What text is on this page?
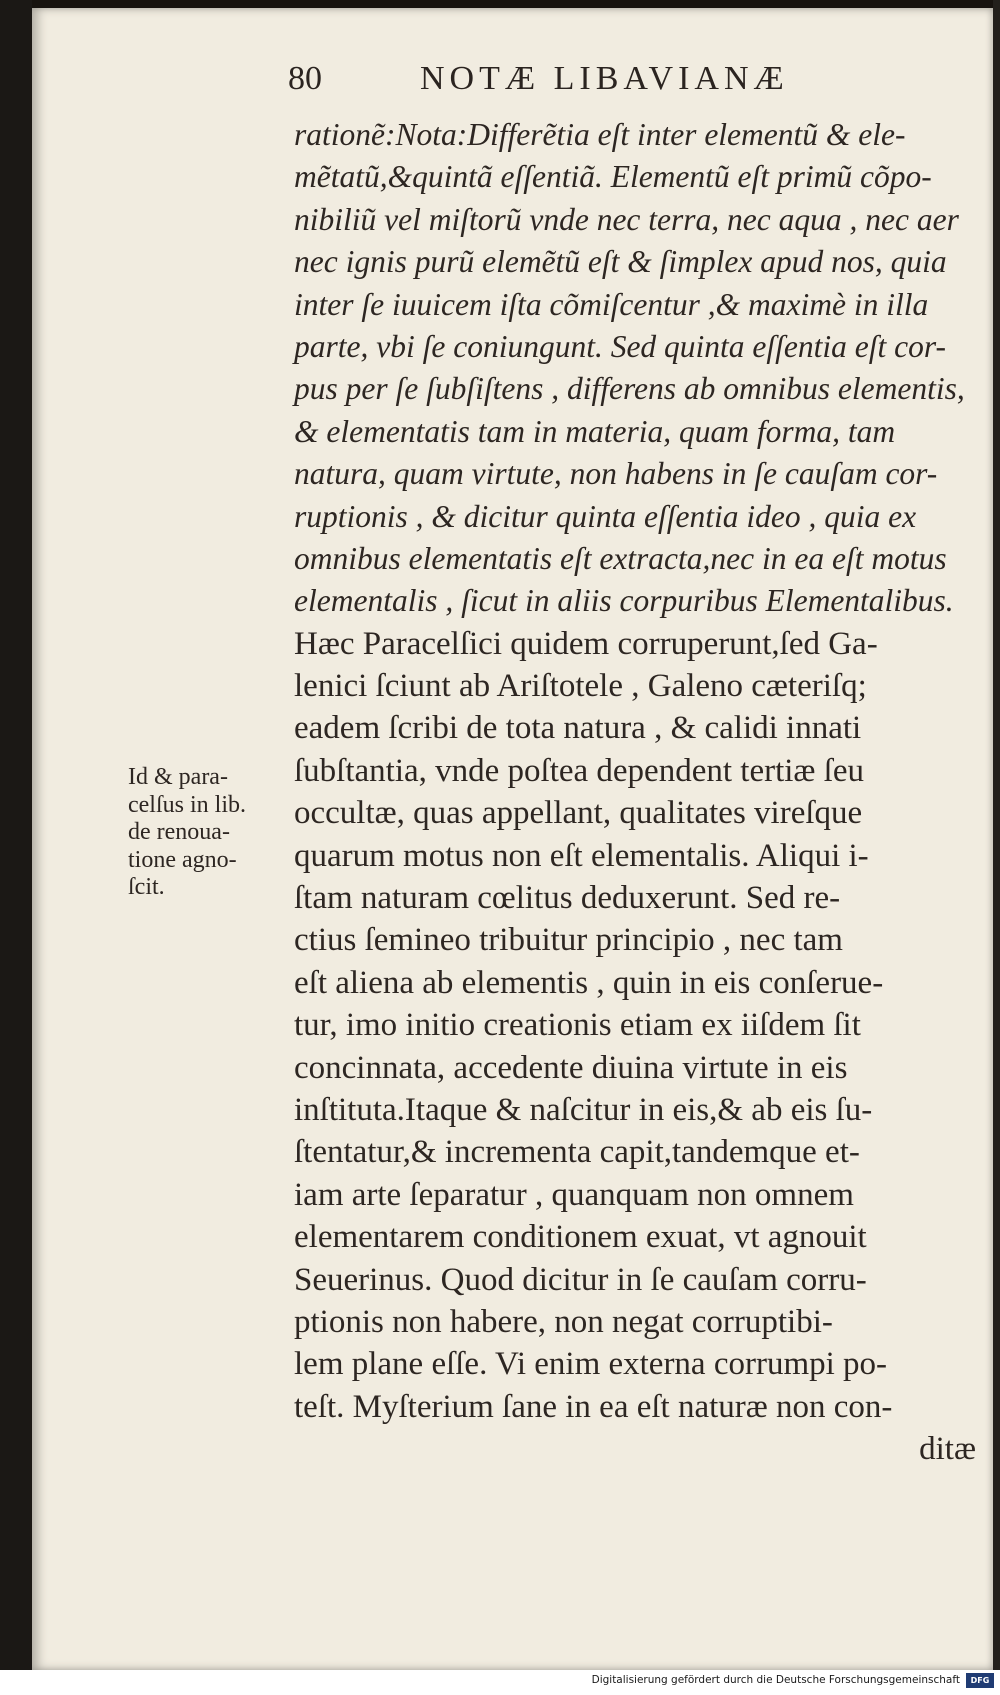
80	NOTÆ LIBAVIANÆ
rationẽ:Nota:Differẽtia eſt inter elementũ & ele-
mẽtatũ,&quintã eſſentiã. Elementũ eſt primũ cõpo-
nibiliũ vel miſtorũ vnde nec terra, nec aqua , nec aer
nec ignis purũ elemẽtũ eſt & ſimplex apud nos, quia
inter ſe iuuicem iſta cõmiſcentur ,& maximè in illa
parte, vbi ſe coniungunt. Sed quinta eſſentia eſt cor-
pus per ſe ſubſiſtens , differens ab omnibus elementis,
& elementatis tam in materia, quam forma, tam
natura, quam virtute, non habens in ſe cauſam cor-
ruptionis , & dicitur quinta eſſentia ideo , quia ex
omnibus elementatis eſt extracta,nec in ea eſt motus
elementalis , ſicut in aliis corpuribus Elementalibus.
Hæc Paracelſici quidem corruperunt,ſed Ga-
lenici ſciunt ab Ariſtotele , Galeno cæteriſq;
eadem ſcribi de tota natura , & calidi innati
ſubſtantia, vnde poſtea dependent tertiæ ſeu
occultæ, quas appellant, qualitates vireſque
quarum motus non eſt elementalis. Aliqui i-
ſtam naturam cœlitus deduxerunt. Sed re-
ctius ſemineo tribuitur principio , nec tam
eſt aliena ab elementis , quin in eis conſerue-
tur, imo initio creationis etiam ex iiſdem ſit
concinnata, accedente diuina virtute in eis
inſtituta.Itaque & naſcitur in eis,& ab eis ſu-
ſtentatur,& incrementa capit,tandemque et-
iam arte ſeparatur , quanquam non omnem
elementarem conditionem exuat, vt agnouit
Seuerinus. Quod dicitur in ſe cauſam corru-
ptionis non habere, non negat corruptibi-
lem plane eſſe. Vi enim externa corrumpi po-
teſt. Myſterium ſane in ea eſt naturæ non con-
ditæ
Id & para-
celſus in lib.
de renoua-
tione agno-
ſcit.
Digitalisierung gefördert durch die Deutsche Forschungsgemeinschaft	DFG
